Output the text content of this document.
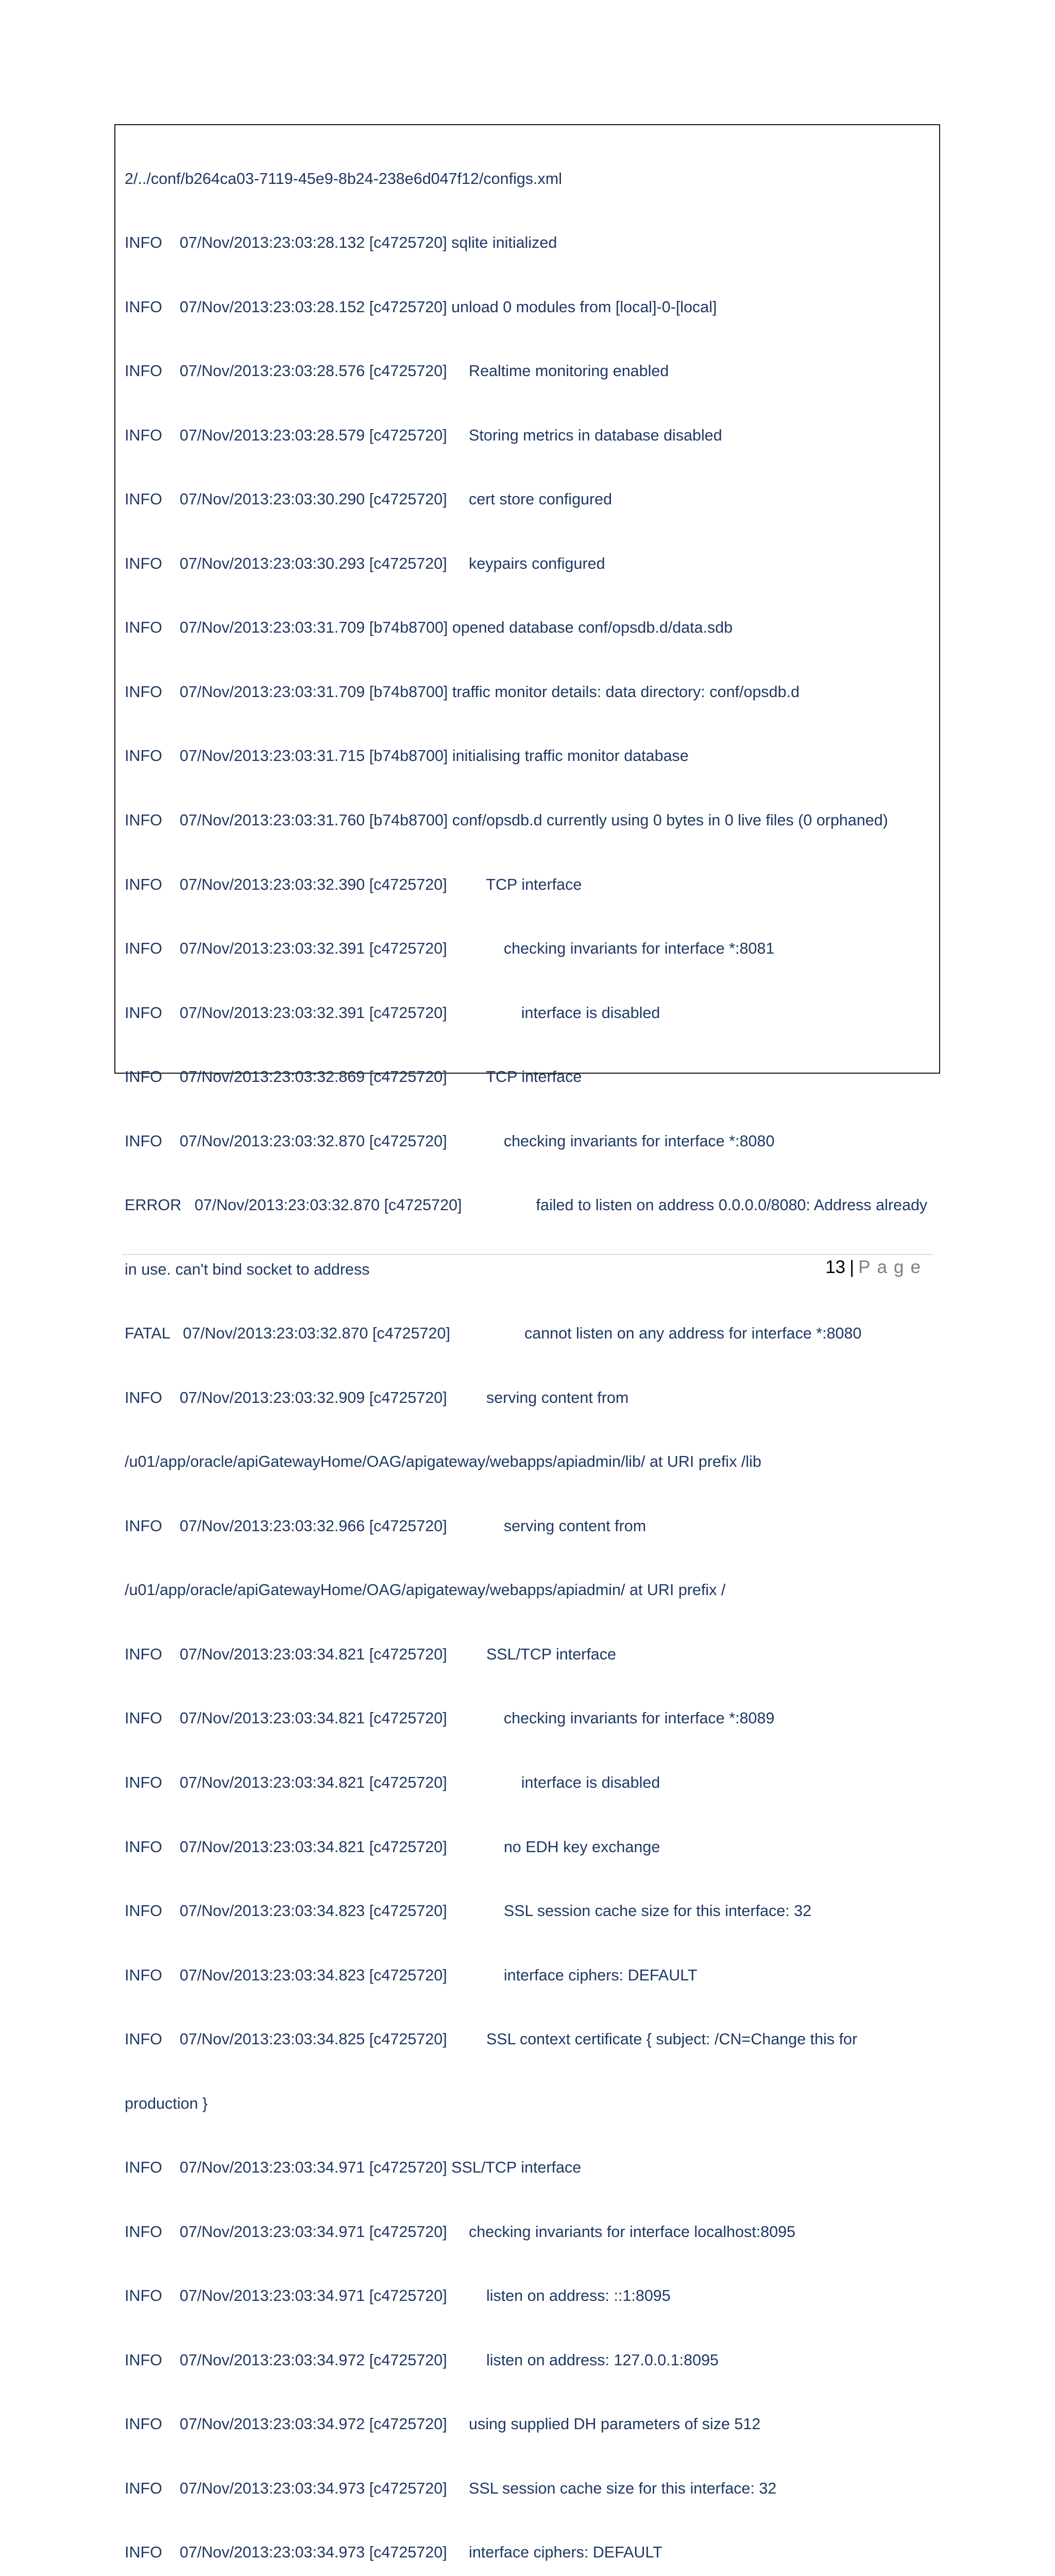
2/../conf/b264ca03-7119-45e9-8b24-238e6d047f12/configs.xml

INFO    07/Nov/2013:23:03:28.132 [c4725720] sqlite initialized

INFO    07/Nov/2013:23:03:28.152 [c4725720] unload 0 modules from [local]-0-[local]

INFO    07/Nov/2013:23:03:28.576 [c4725720]     Realtime monitoring enabled

INFO    07/Nov/2013:23:03:28.579 [c4725720]     Storing metrics in database disabled

INFO    07/Nov/2013:23:03:30.290 [c4725720]     cert store configured

INFO    07/Nov/2013:23:03:30.293 [c4725720]     keypairs configured

INFO    07/Nov/2013:23:03:31.709 [b74b8700] opened database conf/opsdb.d/data.sdb

INFO    07/Nov/2013:23:03:31.709 [b74b8700] traffic monitor details: data directory: conf/opsdb.d

INFO    07/Nov/2013:23:03:31.715 [b74b8700] initialising traffic monitor database

INFO    07/Nov/2013:23:03:31.760 [b74b8700] conf/opsdb.d currently using 0 bytes in 0 live files (0 orphaned)

INFO    07/Nov/2013:23:03:32.390 [c4725720]         TCP interface

INFO    07/Nov/2013:23:03:32.391 [c4725720]             checking invariants for interface *:8081

INFO    07/Nov/2013:23:03:32.391 [c4725720]                 interface is disabled

INFO    07/Nov/2013:23:03:32.869 [c4725720]         TCP interface

INFO    07/Nov/2013:23:03:32.870 [c4725720]             checking invariants for interface *:8080

ERROR   07/Nov/2013:23:03:32.870 [c4725720]                 failed to listen on address 0.0.0.0/8080: Address already

in use. can't bind socket to address

FATAL   07/Nov/2013:23:03:32.870 [c4725720]                 cannot listen on any address for interface *:8080

INFO    07/Nov/2013:23:03:32.909 [c4725720]         serving content from

/u01/app/oracle/apiGatewayHome/OAG/apigateway/webapps/apiadmin/lib/ at URI prefix /lib

INFO    07/Nov/2013:23:03:32.966 [c4725720]             serving content from

/u01/app/oracle/apiGatewayHome/OAG/apigateway/webapps/apiadmin/ at URI prefix /

INFO    07/Nov/2013:23:03:34.821 [c4725720]         SSL/TCP interface

INFO    07/Nov/2013:23:03:34.821 [c4725720]             checking invariants for interface *:8089

INFO    07/Nov/2013:23:03:34.821 [c4725720]                 interface is disabled

INFO    07/Nov/2013:23:03:34.821 [c4725720]             no EDH key exchange

INFO    07/Nov/2013:23:03:34.823 [c4725720]             SSL session cache size for this interface: 32

INFO    07/Nov/2013:23:03:34.823 [c4725720]             interface ciphers: DEFAULT

INFO    07/Nov/2013:23:03:34.825 [c4725720]         SSL context certificate { subject: /CN=Change this for

production }

INFO    07/Nov/2013:23:03:34.971 [c4725720] SSL/TCP interface

INFO    07/Nov/2013:23:03:34.971 [c4725720]     checking invariants for interface localhost:8095

INFO    07/Nov/2013:23:03:34.971 [c4725720]         listen on address: ::1:8095

INFO    07/Nov/2013:23:03:34.972 [c4725720]         listen on address: 127.0.0.1:8095

INFO    07/Nov/2013:23:03:34.972 [c4725720]     using supplied DH parameters of size 512

INFO    07/Nov/2013:23:03:34.973 [c4725720]     SSL session cache size for this interface: 32

INFO    07/Nov/2013:23:03:34.973 [c4725720]     interface ciphers: DEFAULT

13 | Page
